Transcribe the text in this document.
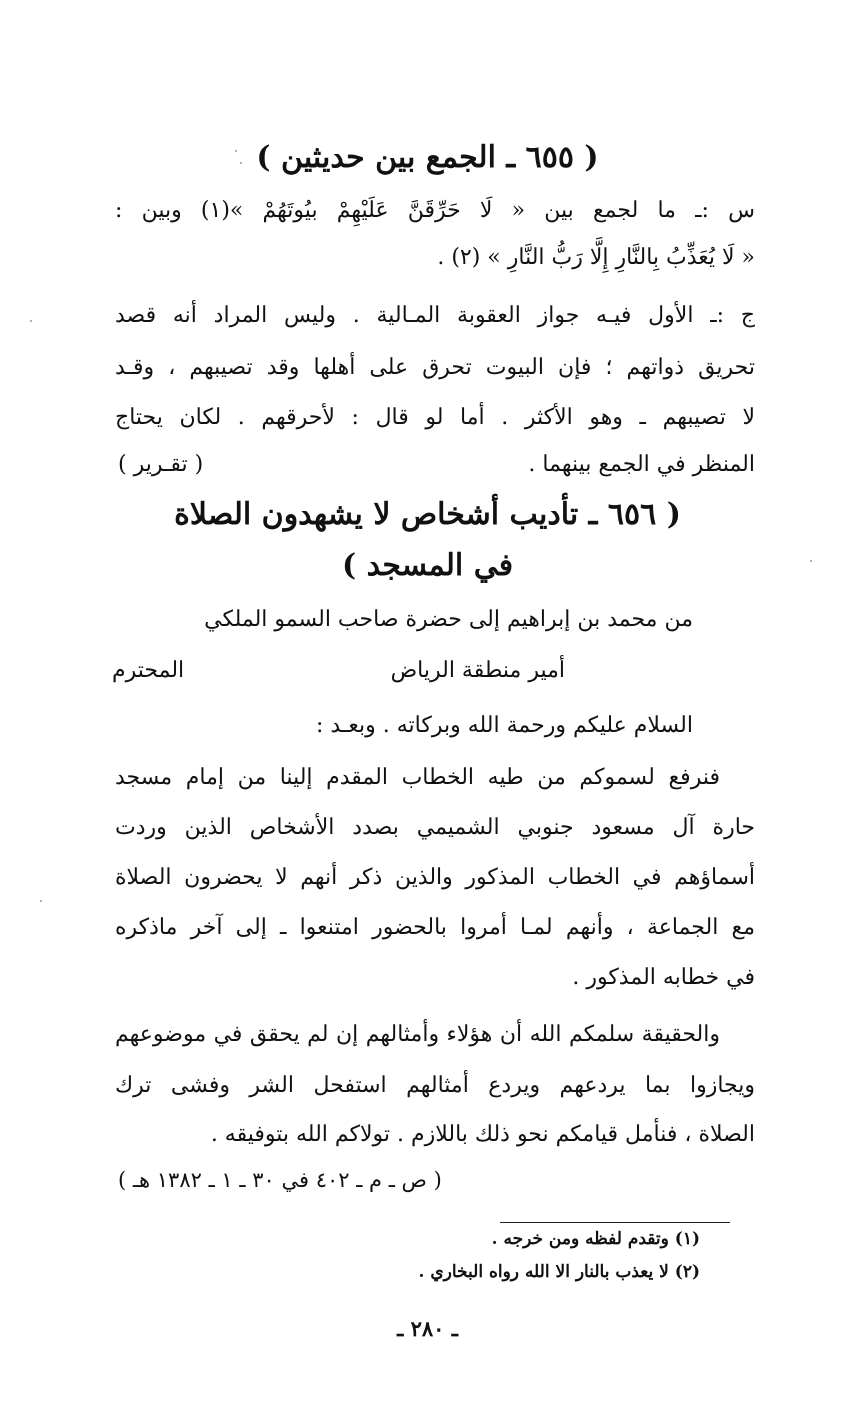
( ٦٥٥ ـ الجمع بين حديثين )

س :ـ ما لجمع بين « لَا حَرِّقَنَّ عَلَيْهِمْ بيُوتَهُمْ »(١) وبين :

« لَا يُعَذِّبُ بِالنَّارِ إِلَّا رَبُّ النَّارِ » (٢) .

ج :ـ الأول فيـه جواز العقوبة المـالية . وليس المراد أنه قصد

تحريق ذواتهم ؛ فإن البيوت تحرق على أهلها وقد تصيبهم ، وقـد

لا تصيبهم ـ وهو الأكثر . أما لو قال : لأحرقهم . لكان يحتاج

المنظر في الجمع بينهما .

( تقـرير )

( ٦٥٦ ـ تأديب أشخاص لا يشهدون الصلاة
في المسجد )

من محمد بن إبراهيم إلى حضرة صاحب السمو الملكي

أمير منطقة الرياض

المحترم

السلام عليكم ورحمة الله وبركاته . وبعـد :

فنرفع لسموكم من طيه الخطاب المقدم إلينا من إمام مسجد

حارة آل مسعود جنوبي الشميمي بصدد الأشخاص الذين وردت

أسماؤهم في الخطاب المذكور والذين ذكر أنهم لا يحضرون الصلاة

مع الجماعة ، وأنهم لمـا أمروا بالحضور امتنعوا ـ إلى آخر ماذكره

في خطابه المذكور .

والحقيقة سلمكم الله أن هؤلاء وأمثالهم إن لم يحقق في موضوعهم

ويجازوا بما يردعهم ويردع أمثالهم استفحل الشر وفشى ترك

الصلاة ، فنأمل قيامكم نحو ذلك باللازم . تولاكم الله بتوفيقه .

( ص ـ م ـ ٤٠٢ في ٣٠ ـ ١ ـ ١٣٨٢ هـ )

(١) وتقدم لفظه ومن خرجه .

(٢) لا يعذب بالنار الا الله رواه البخاري .

ـ ٢٨٠ ـ
